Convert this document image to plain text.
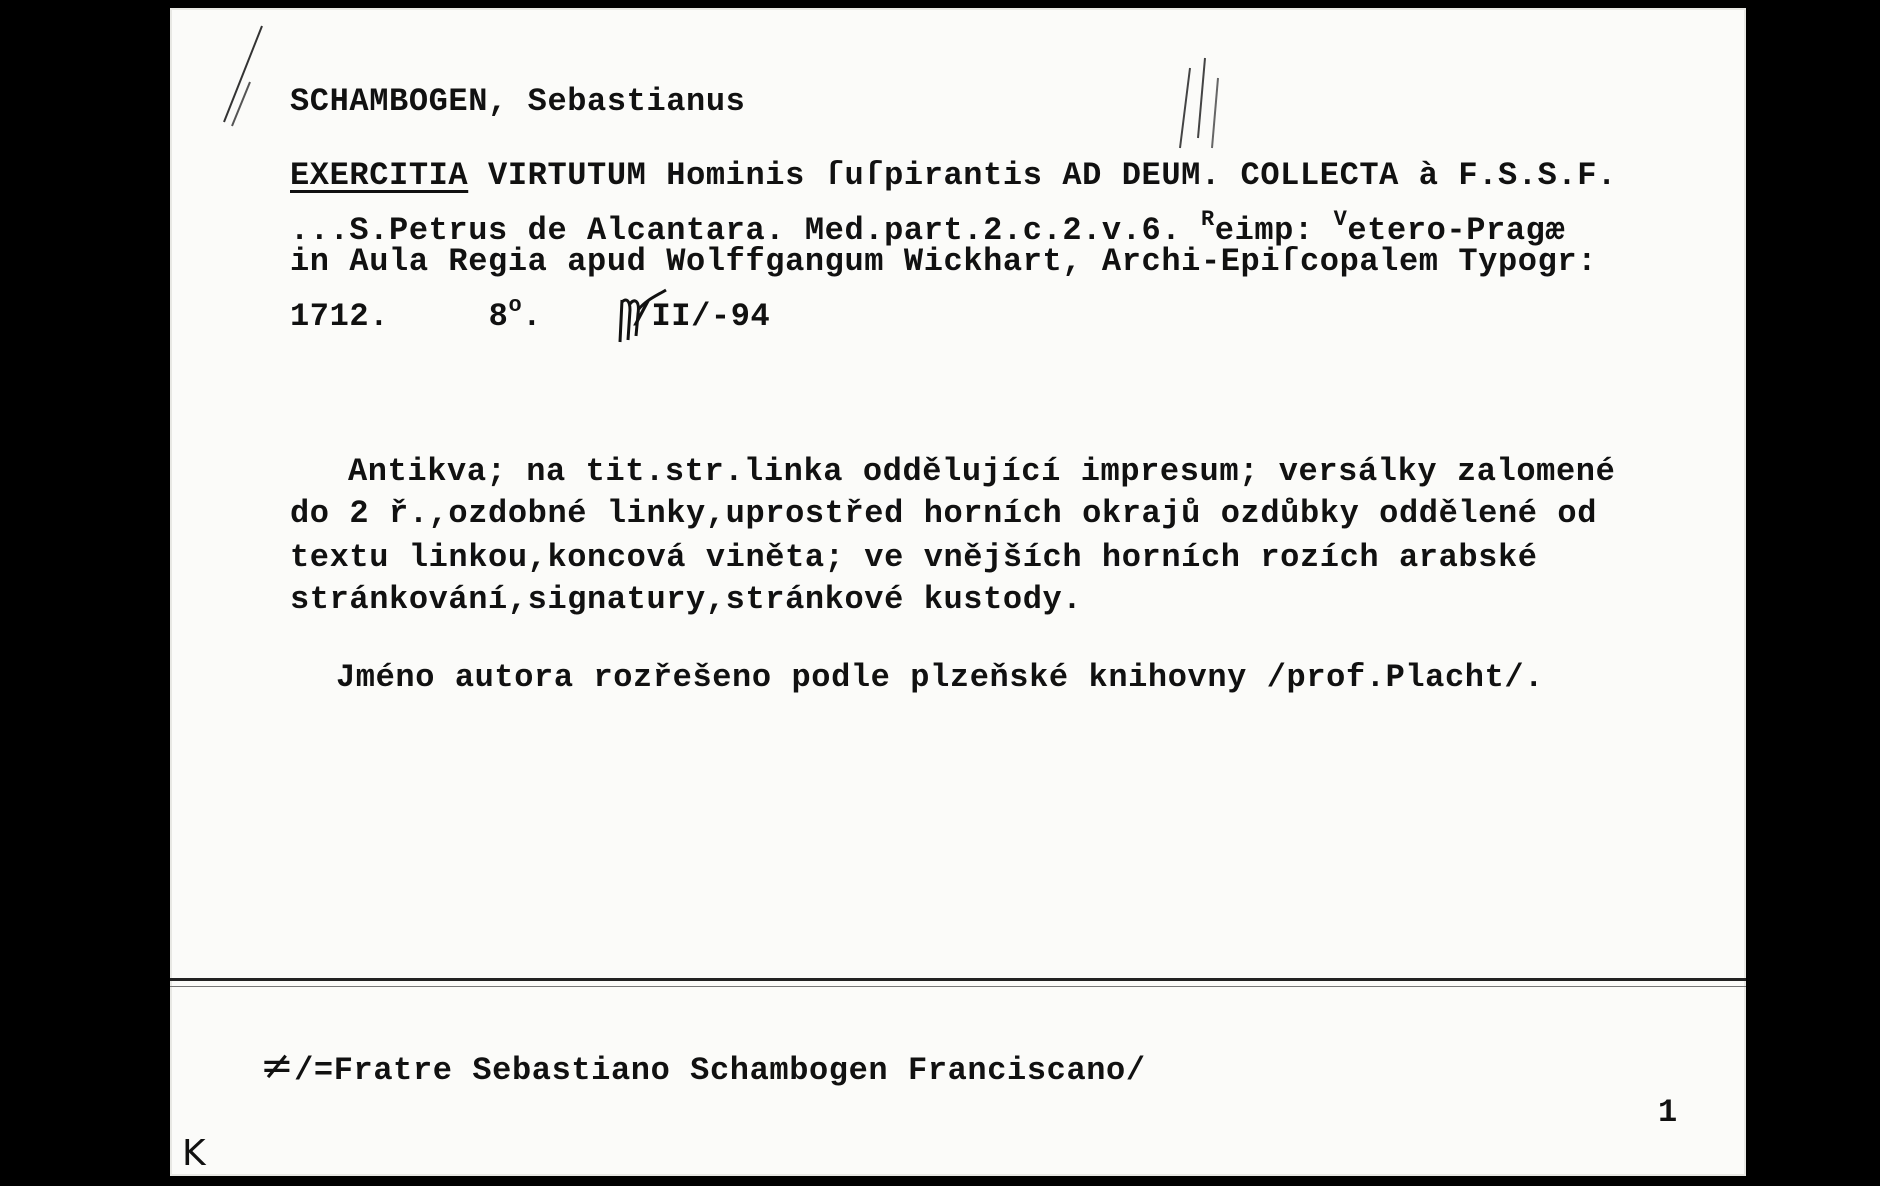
SCHAMBOGEN, Sebastianus
EXERCITIA VIRTUTUM Hominis ſuſpirantis AD DEUM. COLLECTA à F.S.S.F.
...S.Petrus de Alcantara. Med.part.2.c.2.v.6. $^R$eimp: $^V$etero-Pragæ
in Aula Regia apud Wolffgangum Wickhart, Archi-Epiſcopalem Typogr:
1712.	8$^o$.	/II/-94
Antikva; na tit.str.linka oddělující impresum; versálky zalomené
do 2 ř.,ozdobné linky,uprostřed horních okrajů ozdůbky oddělené od
textu linkou,koncová viněta; ve vnějších horních rozích arabské
stránkování,signatury,stránkové kustody.
Jméno autora rozřešeno podle plzeňské knihovny /prof.Placht/.
≠/=Fratre Sebastiano Schambogen Franciscano/
1
K
